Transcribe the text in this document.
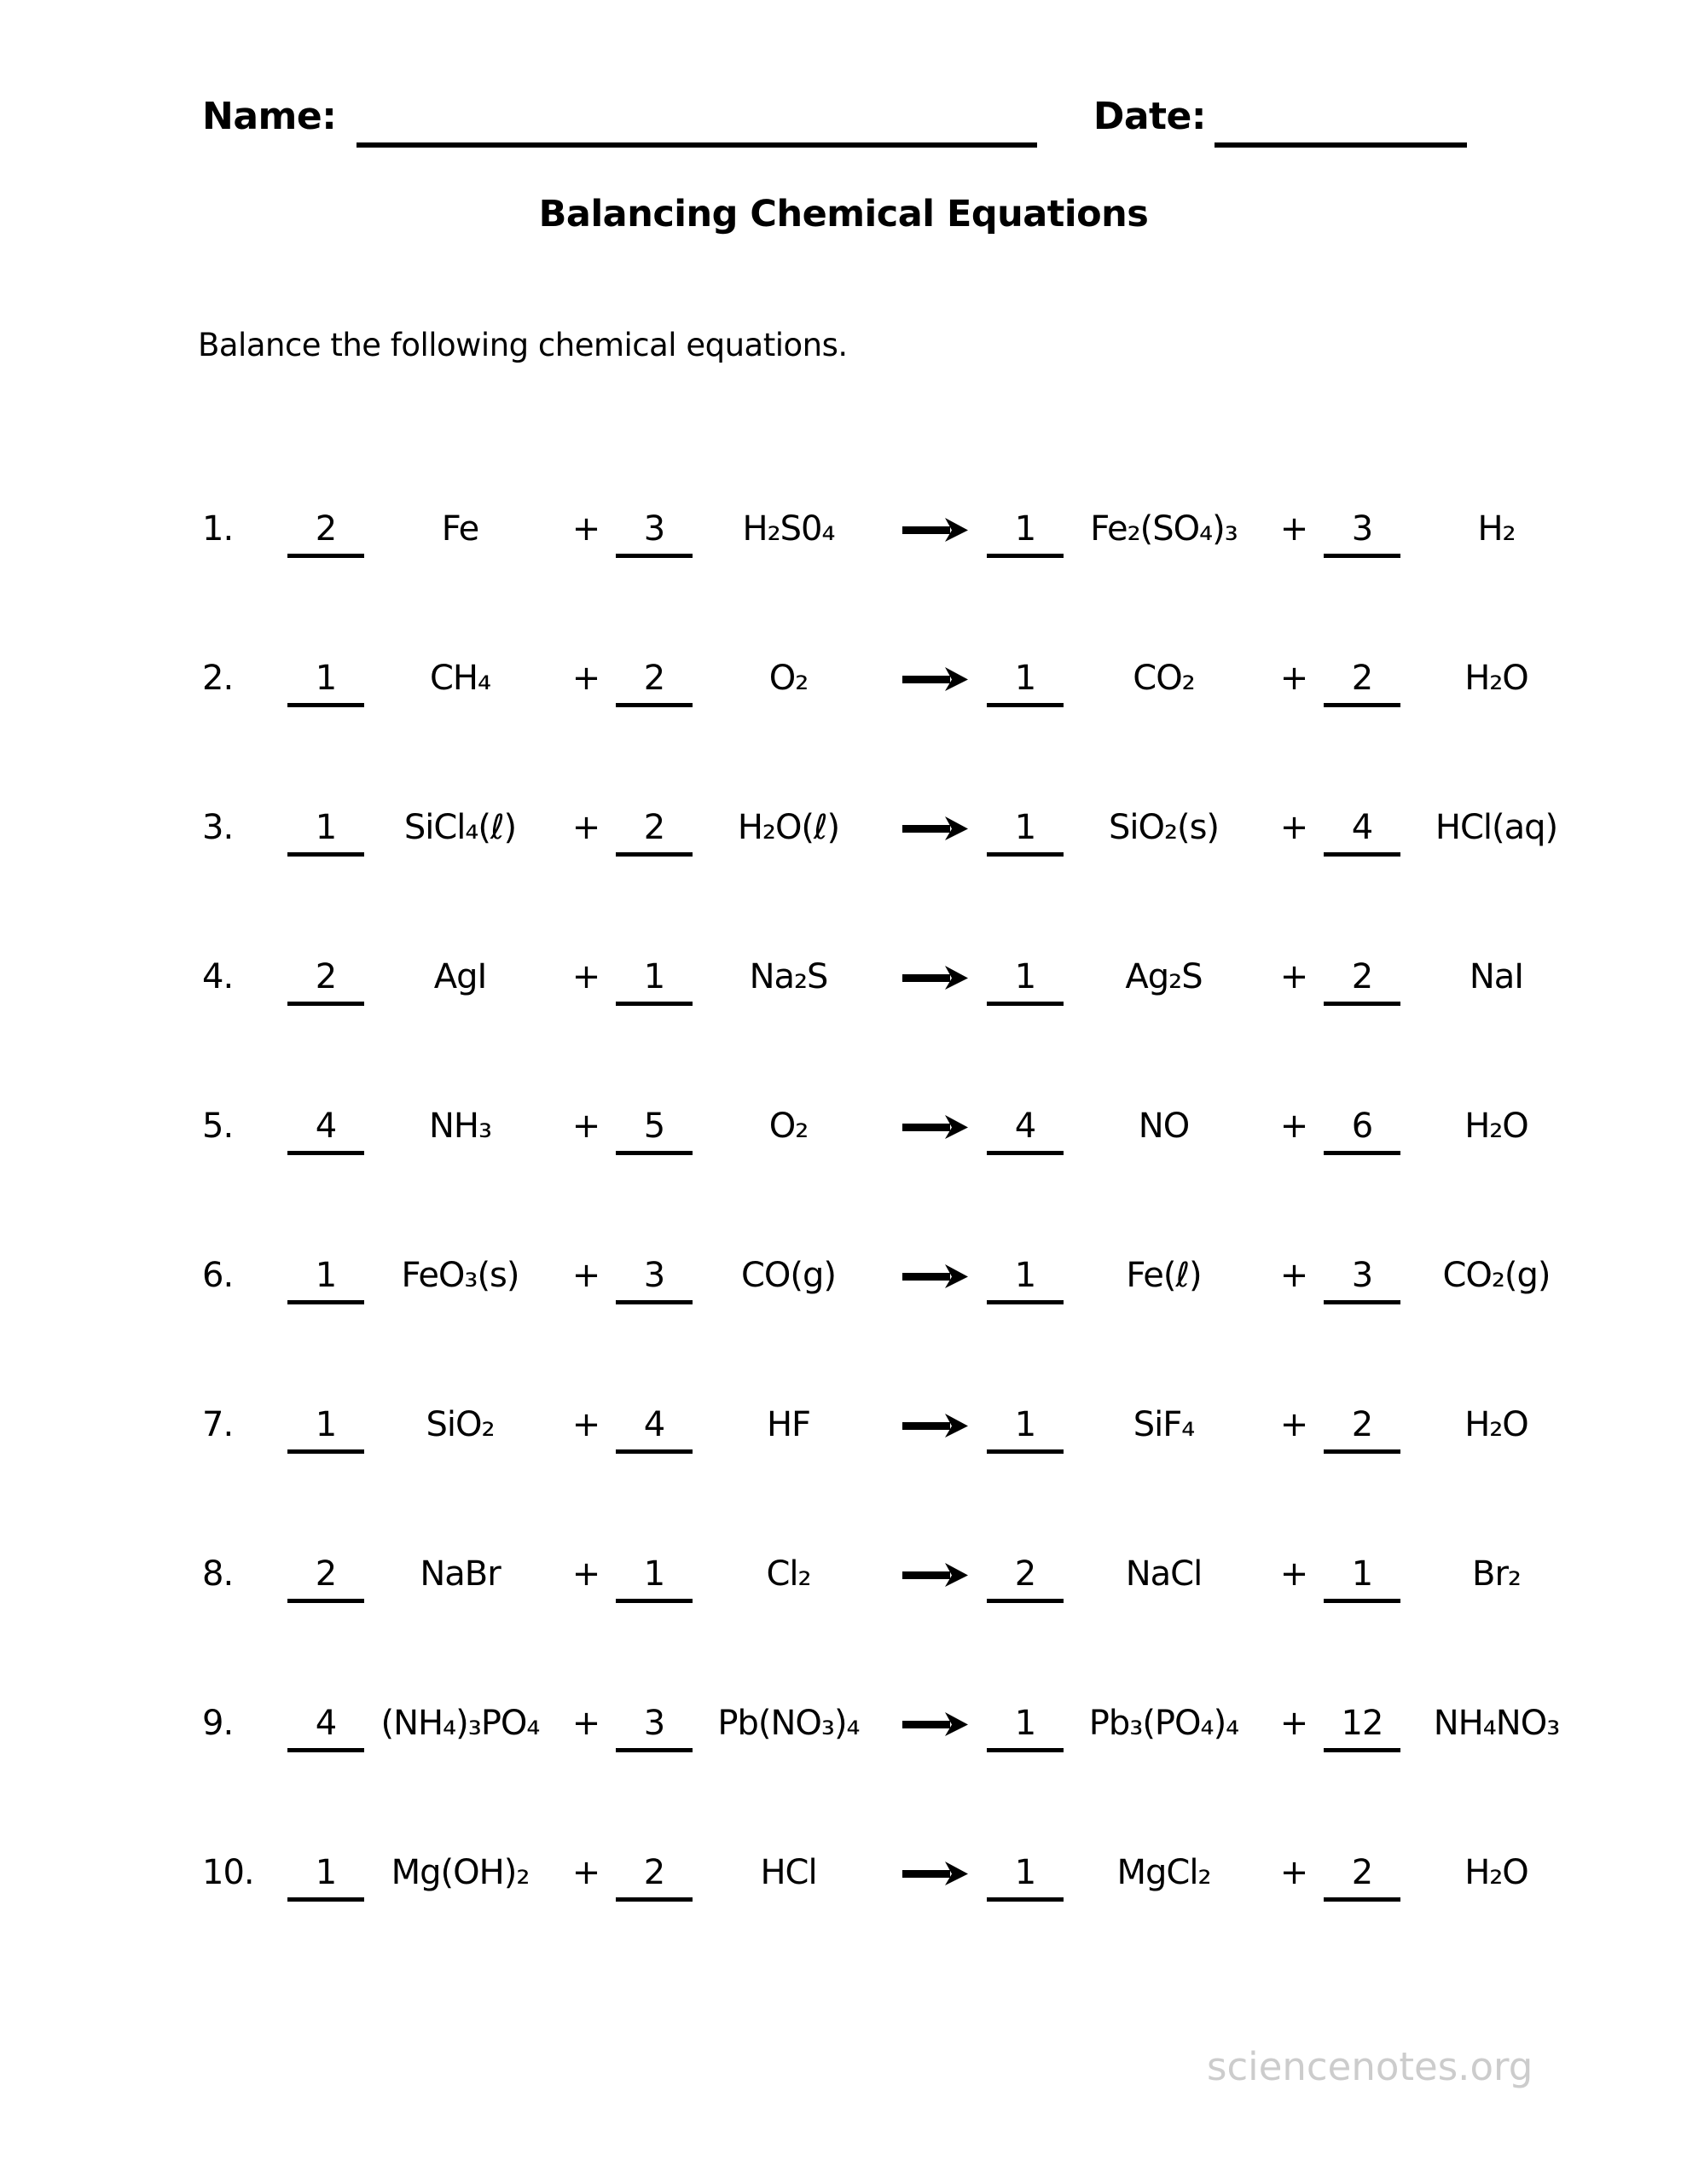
Name:	Date:
Balancing Chemical Equations
Balance the following chemical equations.
1.	2	Fe	+	3	H₂S0₄	1	Fe₂(SO₄)₃	+	3	H₂
2.	1	CH₄	+	2	O₂	1	CO₂	+	2	H₂O
3.	1	SiCl₄(ℓ)	+	2	H₂O(ℓ)	1	SiO₂(s)	+	4	HCl(aq)
4.	2	AgI	+	1	Na₂S	1	Ag₂S	+	2	NaI
5.	4	NH₃	+	5	O₂	4	NO	+	6	H₂O
6.	1	FeO₃(s)	+	3	CO(g)	1	Fe(ℓ)	+	3	CO₂(g)
7.	1	SiO₂	+	4	HF	1	SiF₄	+	2	H₂O
8.	2	NaBr	+	1	Cl₂	2	NaCl	+	1	Br₂
9.	4	(NH₄)₃PO₄ +	3	Pb(NO₃)₄	1	Pb₃(PO₄)₄	+ 12	NH₄NO₃
10.	1	Mg(OH)₂	+	2	HCl	1	MgCl₂	+	2	H₂O
sciencenotes.org
